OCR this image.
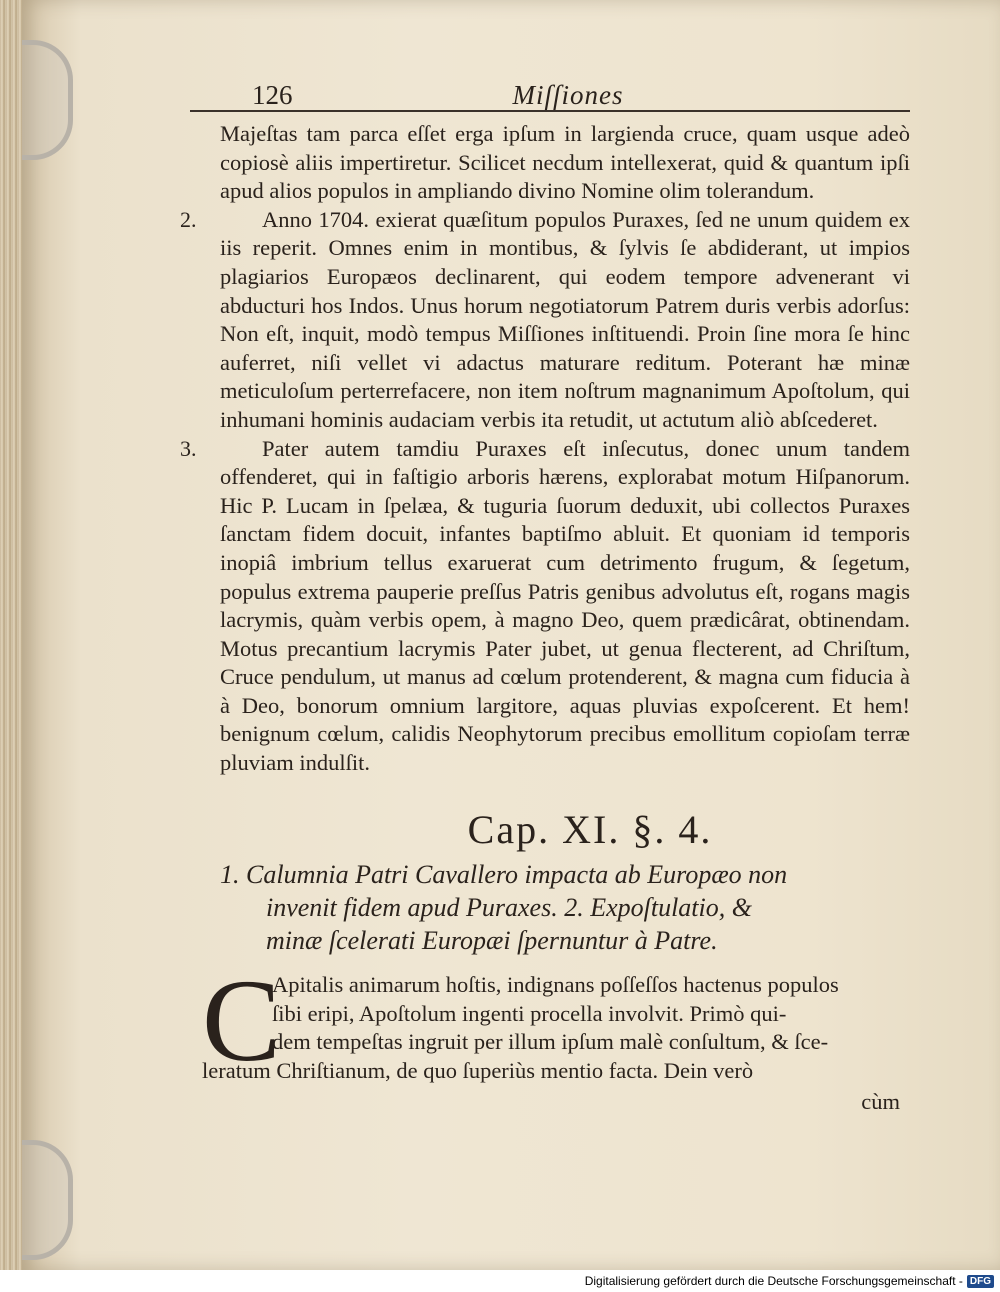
126	Miſſiones

Majeſtas tam parca eſſet erga ipſum in largienda cruce, quam usque adeò copiosè aliis impertiretur. Scilicet necdum intellexerat, quid & quantum ipſi apud alios populos in ampliando divino Nomine olim tolerandum.

2.	Anno 1704. exierat quæſitum populos Puraxes, ſed ne unum quidem ex iis reperit. Omnes enim in montibus, & ſylvis ſe abdiderant, ut impios plagiarios Europæos declinarent, qui eodem tempore advenerant vi abducturi hos Indos. Unus horum negotiatorum Patrem duris verbis adorſus: Non eſt, inquit, modò tempus Miſſiones inſtituendi. Proin ſine mora ſe hinc auferret, niſi vellet vi adactus maturare reditum. Poterant hæ minæ meticuloſum perterrefacere, non item noſtrum magnanimum Apoſtolum, qui inhumani hominis audaciam verbis ita retudit, ut actutum aliò abſcederet.

3.	Pater autem tamdiu Puraxes eſt inſecutus, donec unum tandem offenderet, qui in faſtigio arboris hærens, explorabat motum Hiſpanorum. Hic P. Lucam in ſpelæa, & tuguria ſuorum deduxit, ubi collectos Puraxes ſanctam fidem docuit, infantes baptiſmo abluit. Et quoniam id temporis inopiâ imbrium tellus exaruerat cum detrimento frugum, & ſegetum, populus extrema pauperie preſſus Patris genibus advolutus eſt, rogans magis lacrymis, quàm verbis opem, à magno Deo, quem prædicârat, obtinendam. Motus precantium lacrymis Pater jubet, ut genua flecterent, ad Chriſtum, Cruce pendulum, ut manus ad cœlum protenderent, & magna cum fiducia à à Deo, bonorum omnium largitore, aquas pluvias expoſcerent. Et hem! benignum cœlum, calidis Neophytorum precibus emollitum copioſam terræ pluviam indulſit.

Cap. XI. §. 4.
1. Calumnia Patri Cavallero impacta ab Europæo non
invenit fidem apud Puraxes. 2. Expoſtulatio, &
minæ ſcelerati Europæi ſpernuntur à Patre.
C
Apitalis animarum hoſtis, indignans poſſeſſos hactenus populos
ſibi eripi, Apoſtolum ingenti procella involvit. Primò qui-
dem tempeſtas ingruit per illum ipſum malè conſultum, & ſce-
leratum Chriſtianum, de quo ſuperiùs mentio facta. Dein verò
cùm
Digitalisierung gefördert durch die Deutsche Forschungsgemeinschaft - DFG
